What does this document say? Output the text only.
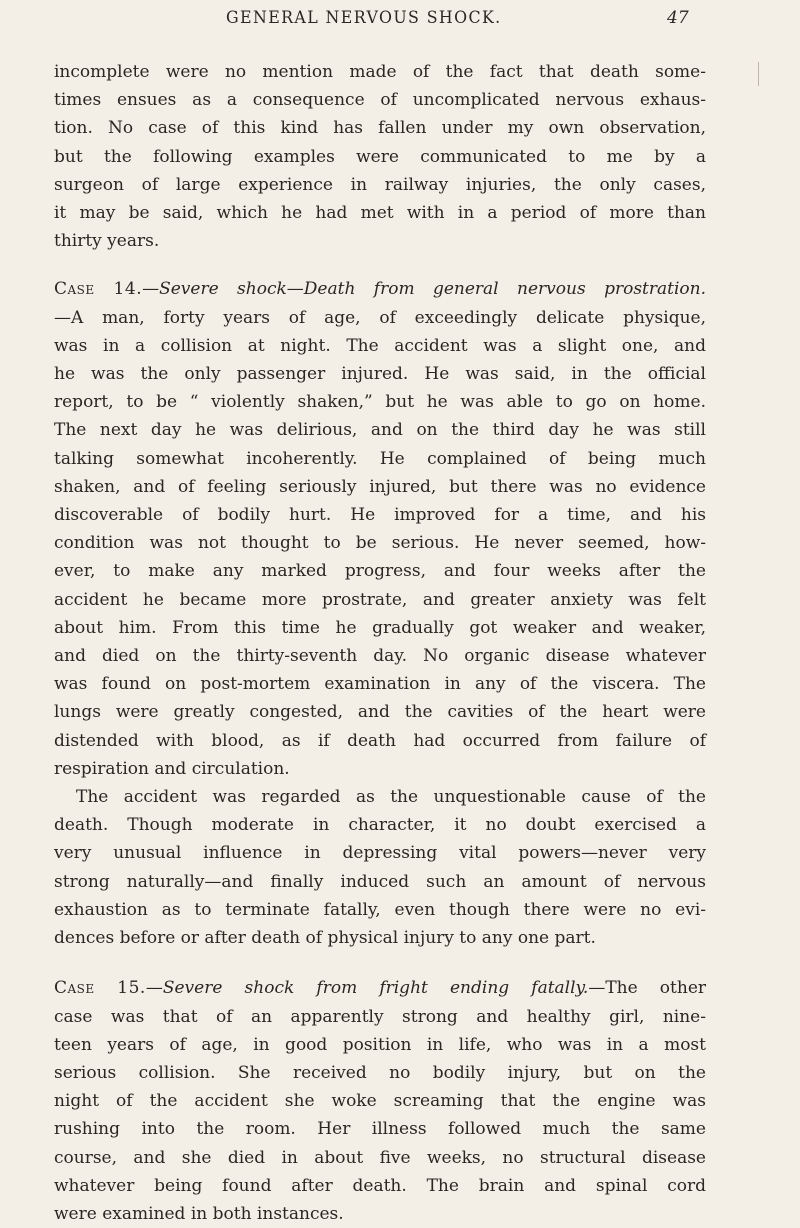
GENERAL NERVOUS SHOCK.	47

incomplete were no mention made of the fact that death some-
times ensues as a consequence of uncomplicated nervous exhaus-
tion. No case of this kind has fallen under my own observation,
but the following examples were communicated to me by a
surgeon of large experience in railway injuries, the only cases,
it may be said, which he had met with in a period of more than
thirty years.

Case 14.—Severe shock—Death from general nervous prostration.
—A man, forty years of age, of exceedingly delicate physique,
was in a collision at night. The accident was a slight one, and
he was the only passenger injured. He was said, in the official
report, to be “ violently shaken,” but he was able to go on home.
The next day he was delirious, and on the third day he was still
talking somewhat incoherently. He complained of being much
shaken, and of feeling seriously injured, but there was no evidence
discoverable of bodily hurt. He improved for a time, and his
condition was not thought to be serious. He never seemed, how-
ever, to make any marked progress, and four weeks after the
accident he became more prostrate, and greater anxiety was felt
about him. From this time he gradually got weaker and weaker,
and died on the thirty-seventh day. No organic disease whatever
was found on post-mortem examination in any of the viscera. The
lungs were greatly congested, and the cavities of the heart were
distended with blood, as if death had occurred from failure of
respiration and circulation.
The accident was regarded as the unquestionable cause of the
death. Though moderate in character, it no doubt exercised a
very unusual influence in depressing vital powers—never very
strong naturally—and finally induced such an amount of nervous
exhaustion as to terminate fatally, even though there were no evi-
dences before or after death of physical injury to any one part.

Case 15.—Severe shock from fright ending fatally.—The other
case was that of an apparently strong and healthy girl, nine-
teen years of age, in good position in life, who was in a most
serious collision. She received no bodily injury, but on the
night of the accident she woke screaming that the engine was
rushing into the room. Her illness followed much the same
course, and she died in about five weeks, no structural disease
whatever being found after death. The brain and spinal cord
were examined in both instances.
